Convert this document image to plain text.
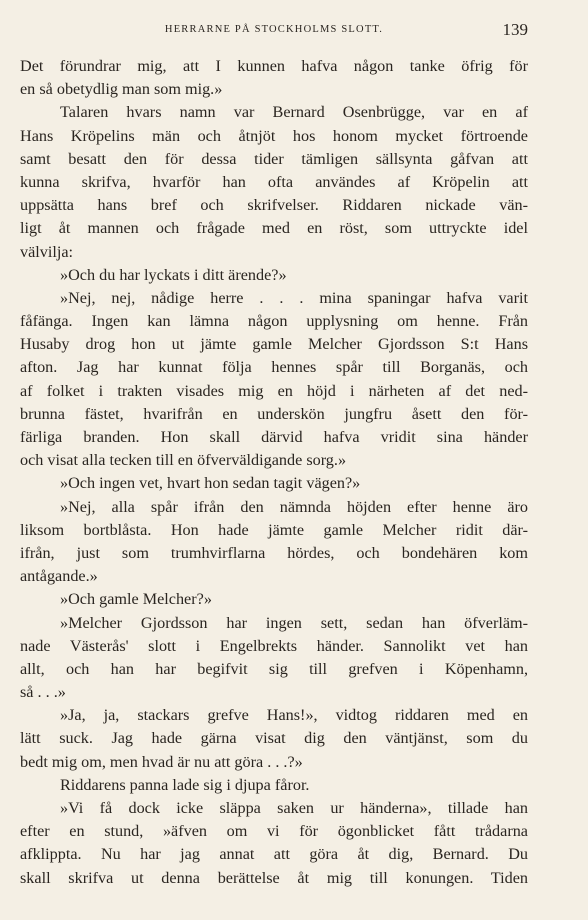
HERRARNE PÅ STOCKHOLMS SLOTT.	139
Det förundrar mig, att I kunnen hafva någon tanke öfrig för
en så obetydlig man som mig.»
Talaren hvars namn var Bernard Osenbrügge, var en af
Hans Kröpelins män och åtnjöt hos honom mycket förtroende
samt besatt den för dessa tider tämligen sällsynta gåfvan att
kunna skrifva, hvarför han ofta användes af Kröpelin att
uppsätta hans bref och skrifvelser. Riddaren nickade vän-
ligt åt mannen och frågade med en röst, som uttryckte idel
välvilja:
»Och du har lyckats i ditt ärende?»
»Nej, nej, nådige herre . . . mina spaningar hafva varit
fåfänga. Ingen kan lämna någon upplysning om henne. Från
Husaby drog hon ut jämte gamle Melcher Gjordsson S:t Hans
afton. Jag har kunnat följa hennes spår till Borganäs, och
af folket i trakten visades mig en höjd i närheten af det ned-
brunna fästet, hvarifrån en underskön jungfru åsett den för-
färliga branden. Hon skall därvid hafva vridit sina händer
och visat alla tecken till en öfverväldigande sorg.»
»Och ingen vet, hvart hon sedan tagit vägen?»
»Nej, alla spår ifrån den nämnda höjden efter henne äro
liksom bortblåsta. Hon hade jämte gamle Melcher ridit där-
ifrån, just som trumhvirflarna hördes, och bondehären kom
antågande.»
»Och gamle Melcher?»
»Melcher Gjordsson har ingen sett, sedan han öfverläm-
nade Västerås' slott i Engelbrekts händer. Sannolikt vet han
allt, och han har begifvit sig till grefven i Köpenhamn,
så . . .»
»Ja, ja, stackars grefve Hans!», vidtog riddaren med en
lätt suck. Jag hade gärna visat dig den väntjänst, som du
bedt mig om, men hvad är nu att göra . . .?»
Riddarens panna lade sig i djupa fåror.
»Vi få dock icke släppa saken ur händerna», tillade han
efter en stund, »äfven om vi för ögonblicket fått trådarna
afklippta. Nu har jag annat att göra åt dig, Bernard. Du
skall skrifva ut denna berättelse åt mig till konungen. Tiden
